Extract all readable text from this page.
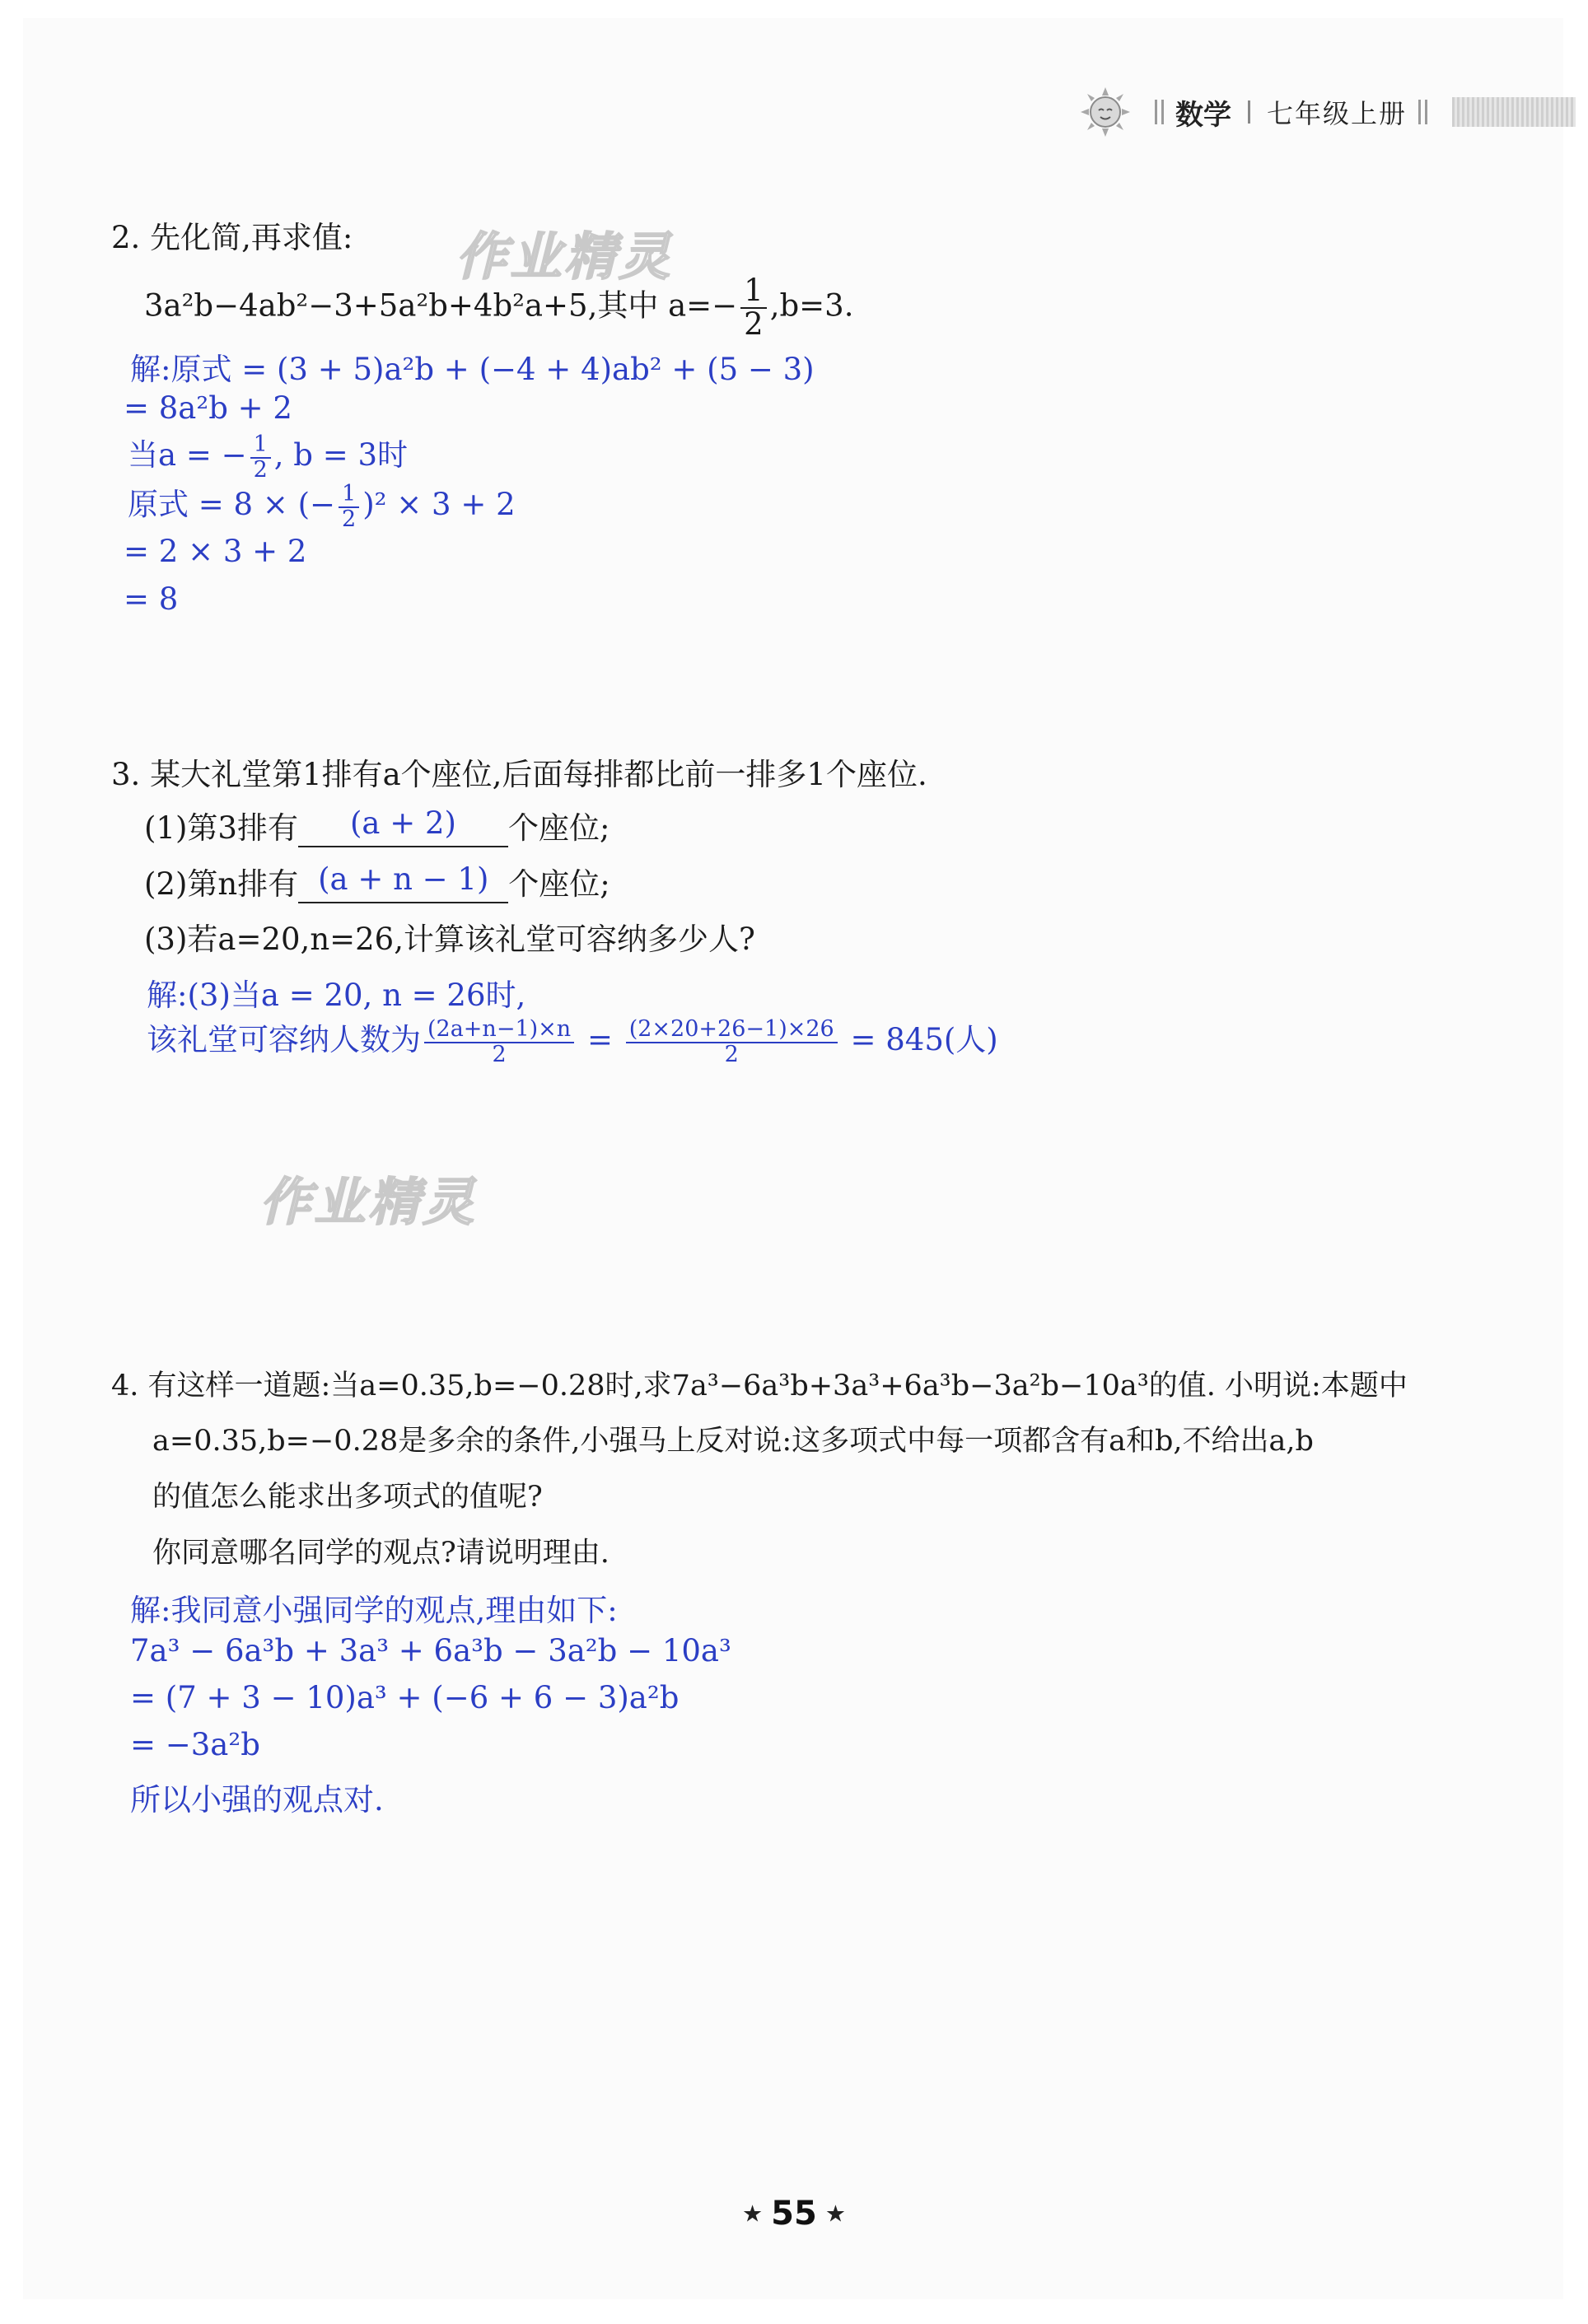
数学 七年级上册
作业精灵
作业精灵
2. 先化简,再求值:
3a²b−4ab²−3+5a²b+4b²a+5,其中 $a=- \frac{1}{2} ,b=3$.
解:原式 = (3 + 5)a²b + (−4 + 4)ab² + (5 − 3)
= 8a²b + 2
当a = − $\frac{1}{2}$ , b = 3时
原式 = 8 × (− $\frac{1}{2} )^2 \times 3 + 2$
= 2 × 3 + 2
= 8
3. 某大礼堂第1排有a个座位,后面每排都比前一排多1个座位.
(1)第3排有 (a + 2) 个座位;
(2)第n排有 (a + n − 1) 个座位;
(3)若a=20,n=26,计算该礼堂可容纳多少人?
解:(3)当a = 20, n = 26时,
该礼堂可容纳人数为 $\frac{(2a+n-1)\times n}{2} = \frac{(2\times 20+26-1)\times 26}{2} = 845$(人)
4. 有这样一道题:当a=0.35,b=−0.28时,求7a³−6a³b+3a³+6a³b−3a²b−10a³的值. 小明说:本题中
a=0.35,b=−0.28是多余的条件,小强马上反对说:这多项式中每一项都含有a和b,不给出a,b
的值怎么能求出多项式的值呢?
你同意哪名同学的观点?请说明理由.
解:我同意小强同学的观点,理由如下:
7a³ − 6a³b + 3a³ + 6a³b − 3a²b − 10a³
= (7 + 3 − 10)a³ + (−6 + 6 − 3)a²b
= −3a²b
所以小强的观点对.
★ 55 ★
